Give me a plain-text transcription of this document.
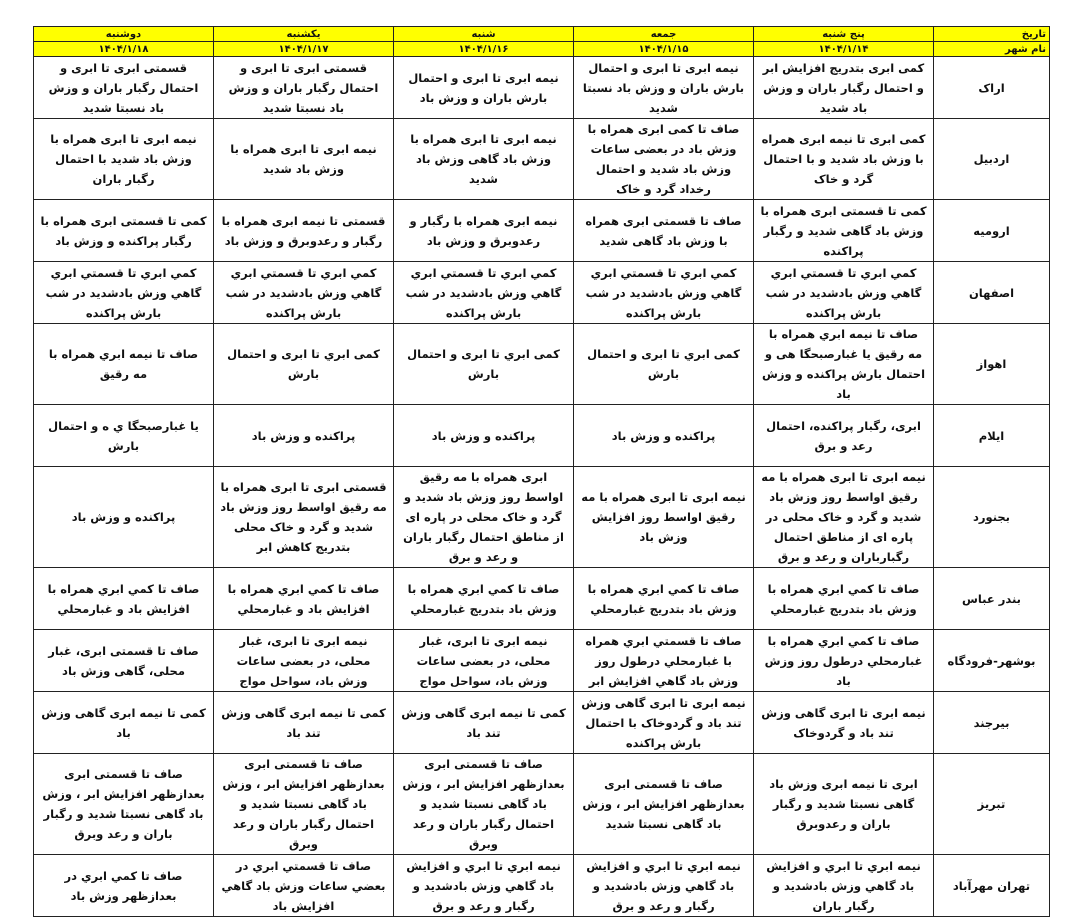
تاریخ	پنج شنبه	جمعه	شنبه	یکشنبه	دوشنبه
نام شهر	۱۴۰۴/۱/۱۴	۱۴۰۴/۱/۱۵	۱۴۰۴/۱/۱۶	۱۴۰۴/۱/۱۷	۱۴۰۴/۱/۱۸
اراک	کمی ابری بتدریج افزایش ابر و احتمال رگبار باران و وزش باد شدید	نیمه ابری تا ابری و احتمال بارش باران و وزش باد نسبتا شدید	نیمه ابری تا ابری و احتمال بارش باران و وزش باد	قسمتی ابری تا ابری و احتمال رگبار باران و وزش باد نسبتا شدید	قسمتی ابری تا ابری و احتمال رگبار باران و وزش باد نسبتا شدید
اردبیل	کمی ابری تا نیمه ابری همراه با وزش باد شدید و با احتمال گرد و خاک	صاف تا کمی ابری همراه با وزش باد در بعضی ساعات وزش باد شدید و احتمال رخداد گرد و خاک	نیمه ابری تا ابری همراه با وزش باد گاهی وزش باد شدید	نیمه ابری تا ابری همراه با وزش باد شدید	نیمه ابری تا ابری همراه با وزش باد شدید با احتمال رگبار باران
ارومیه	کمی تا قسمتی ابری همراه با وزش باد گاهی شدید و رگبار پراکنده	صاف تا قسمتی ابری همراه با وزش باد گاهی شدید	نیمه ابری همراه با رگبار و رعدوبرق و وزش باد	قسمتی تا نیمه ابری همراه با رگبار و رعدوبرق و وزش باد	کمی تا قسمتی ابری همراه با رگبار پراکنده و وزش باد
اصفهان	کمي ابري تا قسمتي ابري گاهي وزش بادشديد در شب بارش پراکنده	کمي ابري تا قسمتي ابري گاهي وزش بادشديد در شب بارش پراکنده	کمي ابري تا قسمتي ابري گاهي وزش بادشديد در شب بارش پراکنده	کمي ابري تا قسمتي ابري گاهي وزش بادشديد در شب بارش پراکنده	کمي ابري تا قسمتي ابري گاهي وزش بادشديد در شب بارش پراکنده
اهواز	صاف تا نيمه ابري همراه با مه رقيق يا غبارصبحگا هی و احتمال بارش پراکنده و وزش باد	کمی ابري تا ابری و احتمال بارش	کمی ابري تا ابری و احتمال بارش	کمی ابري تا ابری و احتمال بارش	صاف تا نيمه ابري همراه با مه رقيق
ایلام	ابری، رگبار پراکنده، احتمال رعد و برق	پراکنده و وزش باد	پراکنده و وزش باد	پراکنده و وزش باد	يا غبارصبحگا ي ه و احتمال بارش
بجنورد	نیمه ابری تا ابری همراه با مه رقیق اواسط روز وزش باد شدید و گرد و خاک محلی در پاره ای از مناطق احتمال رگبارباران و رعد و برق	نیمه ابری تا ابری همراه با مه رقیق اواسط روز افزایش وزش باد	ابری همراه با مه رقیق اواسط روز وزش باد شدید و گرد و خاک محلی در پاره ای از مناطق احتمال رگبار باران و رعد و برق	قسمتی ابری تا ابری همراه با مه رقیق اواسط روز وزش باد شدید و گرد و خاک محلی بتدریج کاهش ابر	پراکنده و وزش باد
بندر عباس	صاف تا کمي ابري همراه با وزش باد بتدريج غبارمحلي	صاف تا کمي ابري همراه با وزش باد بتدريج غبارمحلي	صاف تا کمي ابري همراه با وزش باد بتدريج غبارمحلي	صاف تا کمي ابري همراه با افزايش باد و غبارمحلي	صاف تا کمي ابري همراه با افزايش باد و غبارمحلي
بوشهر-فرودگاه	صاف تا کمي ابري همراه با غبارمحلي درطول روز وزش باد	صاف تا قسمتي ابري همراه با غبارمحلي درطول روز وزش باد گاهي افزايش ابر	نیمه ابری تا ابری، غبار محلی، در بعضی ساعات وزش باد، سواحل مواج	نیمه ابری تا ابری، غبار محلی، در بعضی ساعات وزش باد، سواحل مواج	صاف تا قسمتی ابری، غبار محلی، گاهی وزش باد
بیرجند	نیمه ابری تا ابری گاهی وزش تند باد و گردوخاک	نیمه ابری تا ابری گاهی وزش تند باد و گردوخاک با احتمال بارش پراکنده	کمی تا نیمه ابری گاهی وزش تند باد	کمی تا نیمه ابری گاهی وزش تند باد	کمی تا نیمه ابری گاهی وزش باد
تبریز	ابری تا نیمه ابری وزش باد گاهی نسبتا شدید و رگبار باران و رعدوبرق	صاف تا قسمتی ابری بعدازظهر افزایش ابر ، وزش باد گاهی نسبتا شدید	صاف تا قسمتی ابری بعدازظهر افزایش ابر ، وزش باد گاهی نسبتا شدید و احتمال رگبار باران و رعد وبرق	صاف تا قسمتی ابری بعدازظهر افزایش ابر ، وزش باد گاهی نسبتا شدید و احتمال رگبار باران و رعد وبرق	صاف تا قسمتی ابری بعدازظهر افزایش ابر ، وزش باد گاهی نسبتا شدید و رگبار باران و رعد وبرق
تهران مهرآباد	نيمه ابري تا ابري و افزايش باد گاهي وزش بادشديد و رگبار باران	نيمه ابري تا ابري و افزايش باد گاهي وزش بادشديد و رگبار و رعد و برق	نيمه ابري تا ابري و افزايش باد گاهي وزش بادشديد و رگبار و رعد و برق	صاف تا قسمتي ابري در بعضي ساعات وزش باد گاهي افزايش باد	صاف تا کمي ابري در بعدازظهر وزش باد
